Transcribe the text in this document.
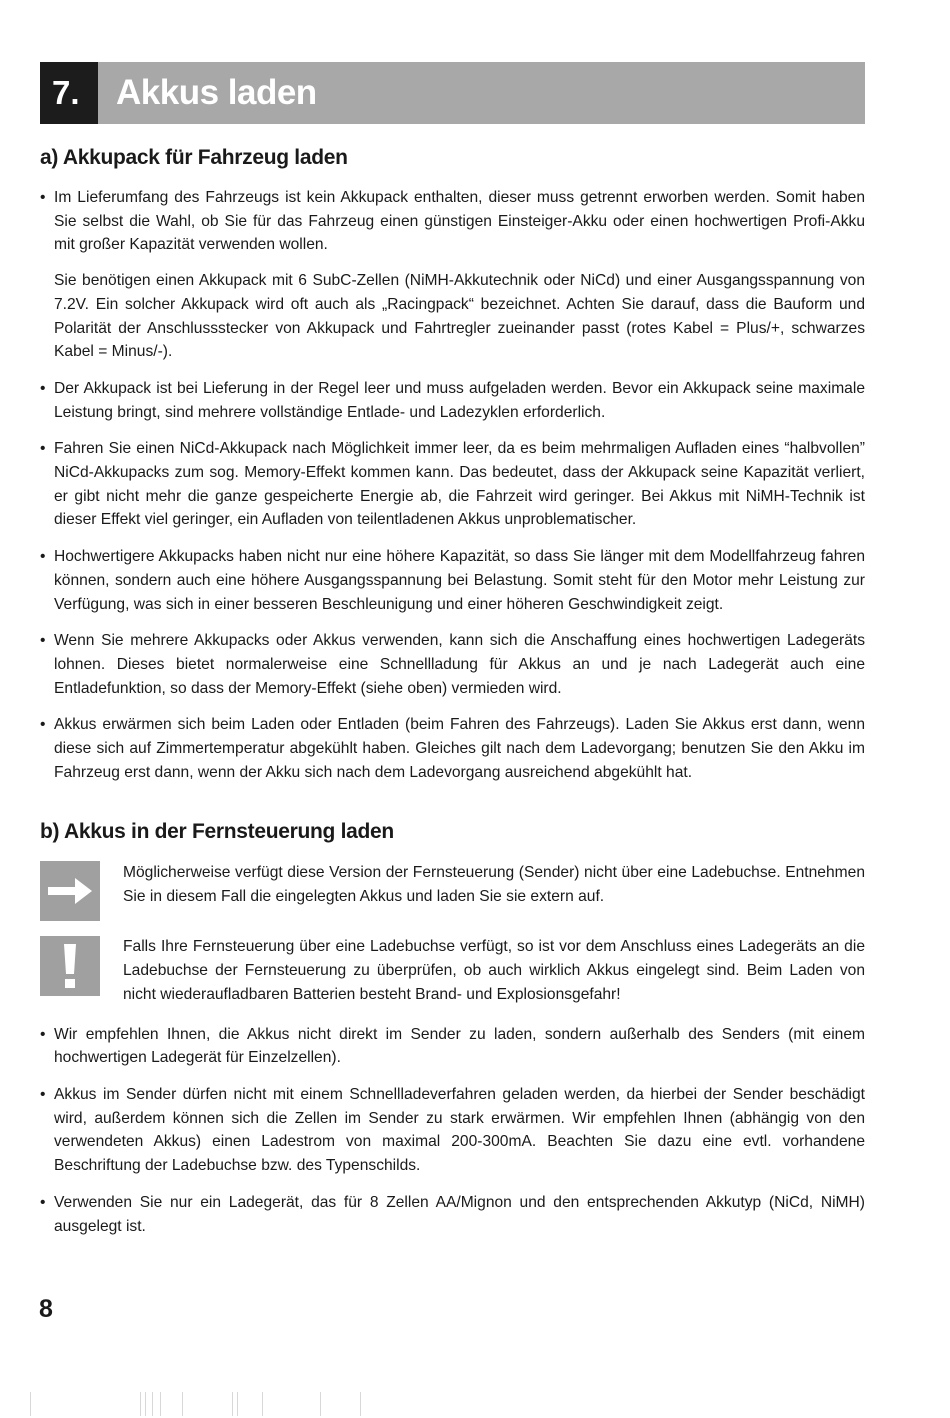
7.	Akkus laden
a) Akkupack für Fahrzeug laden

• Im Lieferumfang des Fahrzeugs ist kein Akkupack enthalten, dieser muss getrennt erworben werden. Somit haben Sie selbst die Wahl, ob Sie für das Fahrzeug einen günstigen Einsteiger-Akku oder einen hochwertigen Profi-Akku mit großer Kapazität verwenden wollen.

Sie benötigen einen Akkupack mit 6 SubC-Zellen (NiMH-Akkutechnik oder NiCd) und einer Ausgangsspannung von 7.2V. Ein solcher Akkupack wird oft auch als „Racingpack“ bezeichnet. Achten Sie darauf, dass die Bauform und Polarität der Anschlussstecker von Akkupack und Fahrtregler zueinander passt (rotes Kabel = Plus/+, schwarzes Kabel = Minus/-).

• Der Akkupack ist bei Lieferung in der Regel leer und muss aufgeladen werden. Bevor ein Akkupack seine maximale Leistung bringt, sind mehrere vollständige Entlade- und Ladezyklen erforderlich.

• Fahren Sie einen NiCd-Akkupack nach Möglichkeit immer leer, da es beim mehrmaligen Aufladen eines “halbvollen” NiCd-Akkupacks zum sog. Memory-Effekt kommen kann. Das bedeutet, dass der Akkupack seine Kapazität verliert, er gibt nicht mehr die ganze gespeicherte Energie ab, die Fahrzeit wird geringer. Bei Akkus mit NiMH-Technik ist dieser Effekt viel geringer, ein Aufladen von teilentladenen Akkus unproblematischer.

• Hochwertigere Akkupacks haben nicht nur eine höhere Kapazität, so dass Sie länger mit dem Modellfahrzeug fahren können, sondern auch eine höhere Ausgangsspannung bei Belastung. Somit steht für den Motor mehr Leistung zur Verfügung, was sich in einer besseren Beschleunigung und einer höheren Geschwindigkeit zeigt.

• Wenn Sie mehrere Akkupacks oder Akkus verwenden, kann sich die Anschaffung eines hochwertigen Ladegeräts lohnen. Dieses bietet normalerweise eine Schnellladung für Akkus an und je nach Ladegerät auch eine Entladefunktion, so dass der Memory-Effekt (siehe oben) vermieden wird.

• Akkus erwärmen sich beim Laden oder Entladen (beim Fahren des Fahrzeugs). Laden Sie Akkus erst dann, wenn diese sich auf Zimmertemperatur abgekühlt haben. Gleiches gilt nach dem Ladevorgang; benutzen Sie den Akku im Fahrzeug erst dann, wenn der Akku sich nach dem Ladevorgang ausreichend abgekühlt hat.

b) Akkus in der Fernsteuerung laden

Möglicherweise verfügt diese Version der Fernsteuerung (Sender) nicht über eine Ladebuchse. Entnehmen Sie in diesem Fall die eingelegten Akkus und laden Sie sie extern auf.

Falls Ihre Fernsteuerung über eine Ladebuchse verfügt, so ist vor dem Anschluss eines Ladegeräts an die Ladebuchse der Fernsteuerung zu überprüfen, ob auch wirklich Akkus eingelegt sind. Beim Laden von nicht wiederaufladbaren Batterien besteht Brand- und Explosionsgefahr!

• Wir empfehlen Ihnen, die Akkus nicht direkt im Sender zu laden, sondern außerhalb des Senders (mit einem hochwertigen Ladegerät für Einzelzellen).

• Akkus im Sender dürfen nicht mit einem Schnellladeverfahren geladen werden, da hierbei der Sender beschädigt wird, außerdem können sich die Zellen im Sender zu stark erwärmen. Wir empfehlen Ihnen (abhängig von den verwendeten Akkus) einen Ladestrom von maximal 200-300mA. Beachten Sie dazu eine evtl. vorhandene Beschriftung der Ladebuchse bzw. des Typenschilds.

• Verwenden Sie nur ein Ladegerät, das für 8 Zellen AA/Mignon und den entsprechenden Akkutyp (NiCd, NiMH) ausgelegt ist.

8
